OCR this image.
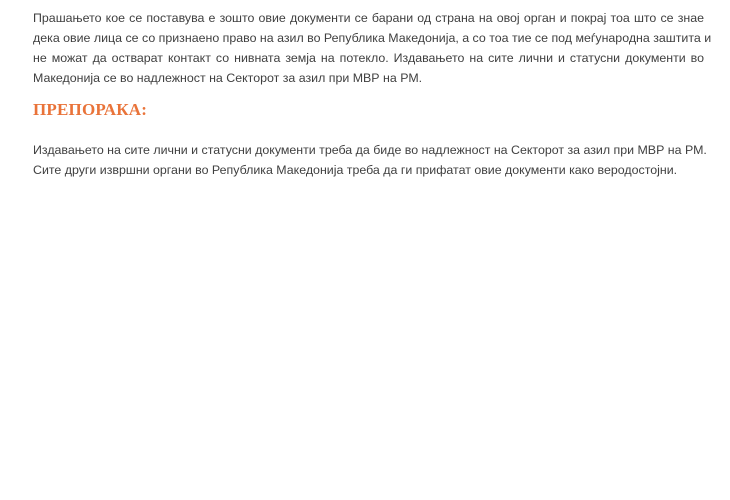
Прашањето кое се поставува е зошто овие документи се барани од страна на овој орган и покрај тоа што се знае
дека овие лица се со признаено право на азил во Република Македонија, а со тоа тие се под меѓународна заштита и
не можат да остварат контакт со нивната земја на потекло. Издавањето на сите лични и статусни документи во
Македонија се во надлежност на Секторот за азил при МВР на РМ.

ПРЕПОРАКА:

Издавањето на сите лични и статусни документи треба да биде во надлежност на Секторот за азил при МВР на РМ.
Сите други извршни органи во Република Македонија треба да ги прифатат овие документи како веродостојни.
